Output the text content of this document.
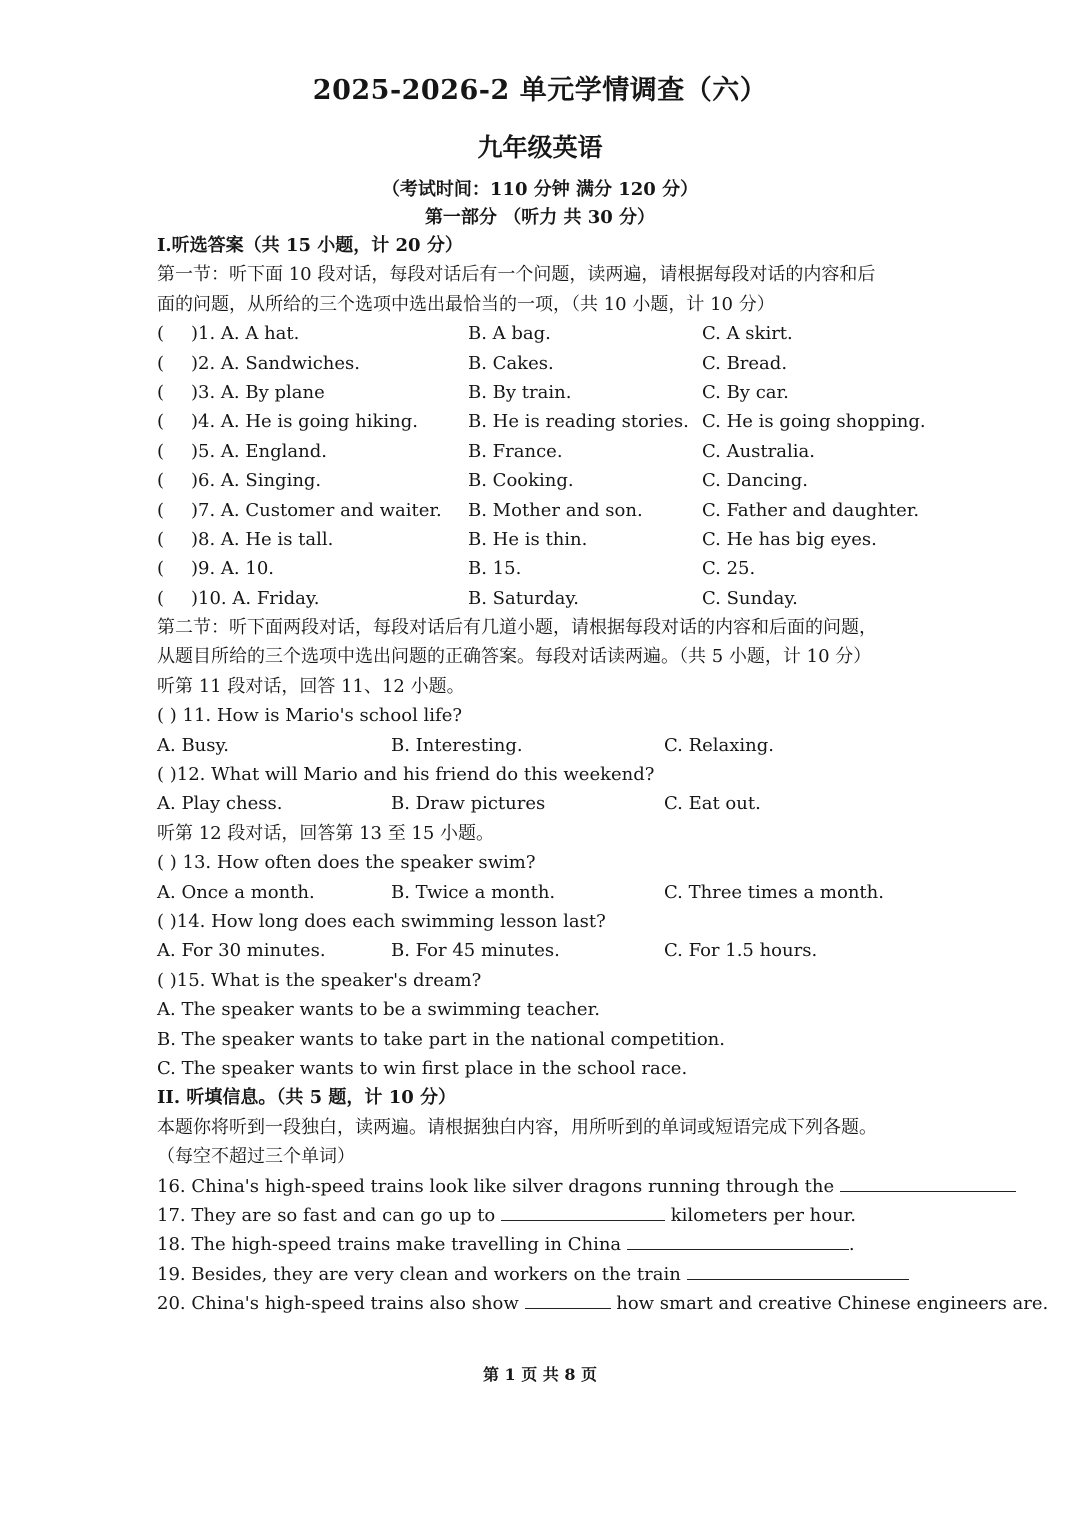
2025-2026-2 单元学情调查（六）
九年级英语
（考试时间：110 分钟 满分 120 分）
第一部分 （听力 共 30 分）
I.听选答案（共 15 小题，计 20 分）
第一节：听下面 10 段对话，每段对话后有一个问题，读两遍，请根据每段对话的内容和后
面的问题，从所给的三个选项中选出最恰当的一项，（共 10 小题，计 10 分）
(	)1. A. A hat.	B. A bag.	C. A skirt.
(	)2. A. Sandwiches.	B. Cakes.	C. Bread.
(	)3. A. By plane	B. By train.	C. By car.
(	)4. A. He is going hiking.	B. He is reading stories. C. He is going shopping.
(	)5. A. England.	B. France.	C. Australia.
(	)6. A. Singing.	B. Cooking.	C. Dancing.
(	)7. A. Customer and waiter.	B. Mother and son.	C. Father and daughter.
(	)8. A. He is tall.	B. He is thin.	C. He has big eyes.
(	)9. A. 10.	B. 15.	C. 25.
(	)10. A. Friday.	B. Saturday.	C. Sunday.
第二节：听下面两段对话，每段对话后有几道小题，请根据每段对话的内容和后面的问题，
从题目所给的三个选项中选出问题的正确答案。每段对话读两遍。（共 5 小题，计 10 分）
听第 11 段对话，回答 11、12 小题。
( ) 11. How is Mario's school life?
A. Busy.	B. Interesting.	C. Relaxing.
( )12. What will Mario and his friend do this weekend?
A. Play chess.	B. Draw pictures	C. Eat out.
听第 12 段对话，回答第 13 至 15 小题。
( ) 13. How often does the speaker swim?
A. Once a month.	B. Twice a month.	C. Three times a month.
( )14. How long does each swimming lesson last?
A. For 30 minutes.	B. For 45 minutes.	C. For 1.5 hours.
( )15. What is the speaker's dream?
A. The speaker wants to be a swimming teacher.
B. The speaker wants to take part in the national competition.
C. The speaker wants to win first place in the school race.
II. 听填信息。（共 5 题，计 10 分）
本题你将听到一段独白，读两遍。请根据独白内容，用所听到的单词或短语完成下列各题。
（每空不超过三个单词）
16. China's high-speed trains look like silver dragons running through the
17. They are so fast and can go up to	kilometers per hour.
18. The high-speed trains make travelling in China	.
19. Besides, they are very clean and workers on the train
20. China's high-speed trains also show	how smart and creative Chinese engineers are.
第 1 页 共 8 页
